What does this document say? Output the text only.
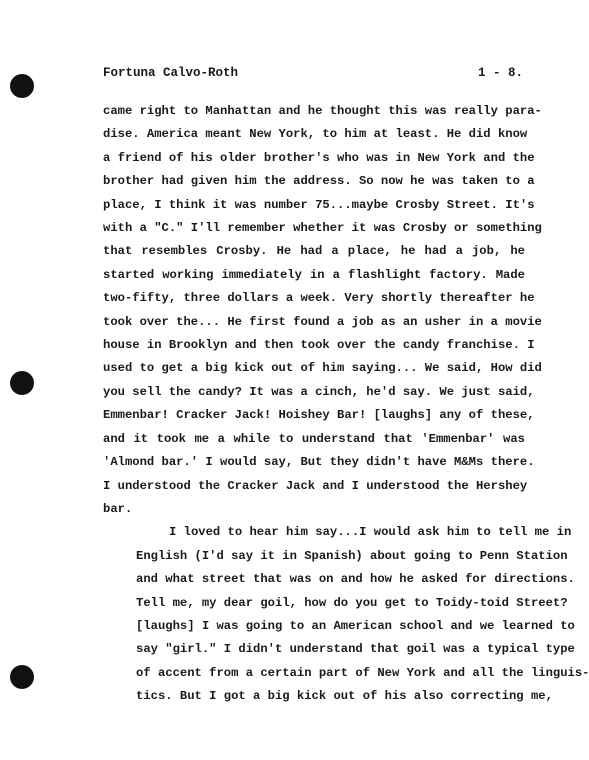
Fortuna Calvo-Roth	1 - 8.

came right to Manhattan and he thought this was really para-
dise. America meant New York, to him at least. He did know
a friend of his older brother's who was in New York and the
brother had given him the address. So now he was taken to a
place, I think it was number 75...maybe Crosby Street. It's
with a "C." I'll remember whether it was Crosby or something
that resembles Crosby. He had a place, he had a job, he
started working immediately in a flashlight factory. Made
two-fifty, three dollars a week. Very shortly thereafter he
took over the... He first found a job as an usher in a movie
house in Brooklyn and then took over the candy franchise. I
used to get a big kick out of him saying... We said, How did
you sell the candy? It was a cinch, he'd say. We just said,
Emmenbar! Cracker Jack! Hoishey Bar! [laughs] any of these,
and it took me a while to understand that 'Emmenbar' was
'Almond bar.' I would say, But they didn't have M&Ms there.
I understood the Cracker Jack and I understood the Hershey
bar.

I loved to hear him say...I would ask him to tell me in
English (I'd say it in Spanish) about going to Penn Station
and what street that was on and how he asked for directions.
Tell me, my dear goil, how do you get to Toidy-toid Street?
[laughs] I was going to an American school and we learned to
say "girl." I didn't understand that goil was a typical type
of accent from a certain part of New York and all the linguis-
tics. But I got a big kick out of his also correcting me,
